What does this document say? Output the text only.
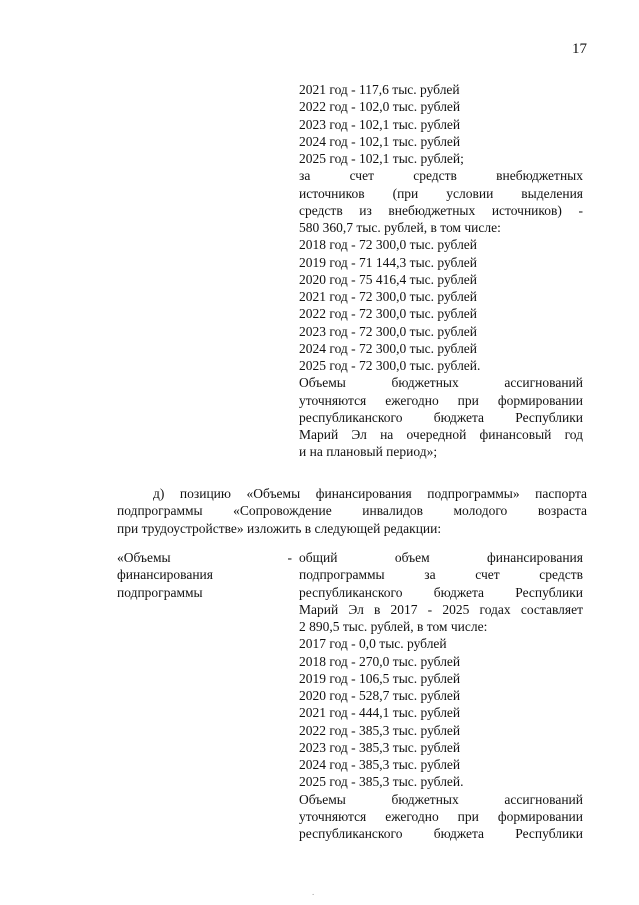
17
2021 год - 117,6 тыс. рублей
2022 год - 102,0 тыс. рублей
2023 год - 102,1 тыс. рублей
2024 год - 102,1 тыс. рублей
2025 год - 102,1 тыс. рублей;
за счет средств внебюджетных
источников (при условии выделения
средств из внебюджетных источников) -
580 360,7 тыс. рублей, в том числе:
2018 год - 72 300,0 тыс. рублей
2019 год - 71 144,3 тыс. рублей
2020 год - 75 416,4 тыс. рублей
2021 год - 72 300,0 тыс. рублей
2022 год - 72 300,0 тыс. рублей
2023 год - 72 300,0 тыс. рублей
2024 год - 72 300,0 тыс. рублей
2025 год - 72 300,0 тыс. рублей.
Объемы бюджетных ассигнований
уточняются ежегодно при формировании
республиканского бюджета Республики
Марий Эл на очередной финансовый год
и на плановый период»;
д) позицию «Объемы финансирования подпрограммы» паспорта
подпрограммы «Сопровождение инвалидов молодого возраста
при трудоустройстве» изложить в следующей редакции:
«Объемы	-
финансирования
подпрограммы
общий объем финансирования
подпрограммы за счет средств
республиканского бюджета Республики
Марий Эл в 2017 - 2025 годах составляет
2 890,5 тыс. рублей, в том числе:
2017 год - 0,0 тыс. рублей
2018 год - 270,0 тыс. рублей
2019 год - 106,5 тыс. рублей
2020 год - 528,7 тыс. рублей
2021 год - 444,1 тыс. рублей
2022 год - 385,3 тыс. рублей
2023 год - 385,3 тыс. рублей
2024 год - 385,3 тыс. рублей
2025 год - 385,3 тыс. рублей.
Объемы бюджетных ассигнований
уточняются ежегодно при формировании
республиканского бюджета Республики
.
